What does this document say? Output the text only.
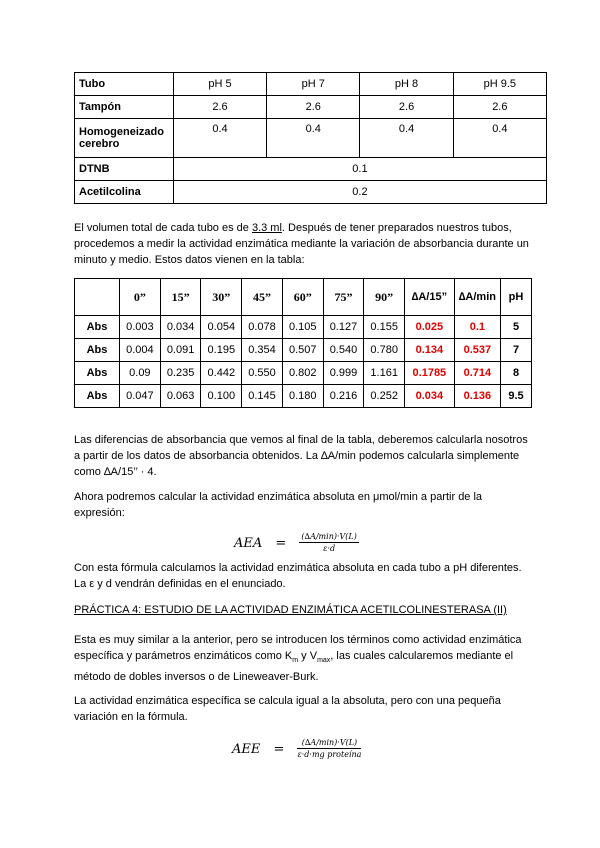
Tubo	pH 5	pH 7	pH 8	pH 9.5
Tampón	2.6	2.6	2.6	2.6
Homogeneizado cerebro	0.4	0.4	0.4	0.4
DTNB	0.1			
Acetilcolina	0.2			
El volumen total de cada tubo es de 3.3 ml. Después de tener preparados nuestros tubos, procedemos a medir la actividad enzimática mediante la variación de absorbancia durante un minuto y medio. Estos datos vienen en la tabla:
	0”	15”	30”	45”	60”	75”	90”	∆A/15”	∆A/min	pH
Abs	0.003	0.034	0.054	0.078	0.105	0.127	0.155	0.025	0.1	5
Abs	0.004	0.091	0.195	0.354	0.507	0.540	0.780	0.134	0.537	7
Abs	0.09	0.235	0.442	0.550	0.802	0.999	1.161	0.1785	0.714	8
Abs	0.047	0.063	0.100	0.145	0.180	0.216	0.252	0.034	0.136	9.5
Las diferencias de absorbancia que vemos al final de la tabla, deberemos calcularla nosotros a partir de los datos de absorbancia obtenidos. La ∆A/min podemos calcularla simplemente como ∆A/15’’ · 4.
Ahora podremos calcular la actividad enzimática absoluta en μmol/min a partir de la expresión:
AEA = $\frac{(\Delta A/\min)\cdot V(L)}{\varepsilon\cdot d}$
Con esta fórmula calculamos la actividad enzimática absoluta en cada tubo a pH diferentes. La ε y d vendrán definidas en el enunciado.
PRÁCTICA 4: ESTUDIO DE LA ACTIVIDAD ENZIMÁTICA ACETILCOLINESTERASA (II)
Esta es muy similar a la anterior, pero se introducen los términos como actividad enzimática específica y parámetros enzimáticos como $K_m$ y $V_{max}$, las cuales calcularemos mediante el método de dobles inversos o de Lineweaver-Burk.
La actividad enzimática específica se calcula igual a la absoluta, pero con una pequeña variación en la fórmula.
AEE = $\frac{(\Delta A/\min)\cdot V(L)}{\text{ε·d·mg proteína}}$
